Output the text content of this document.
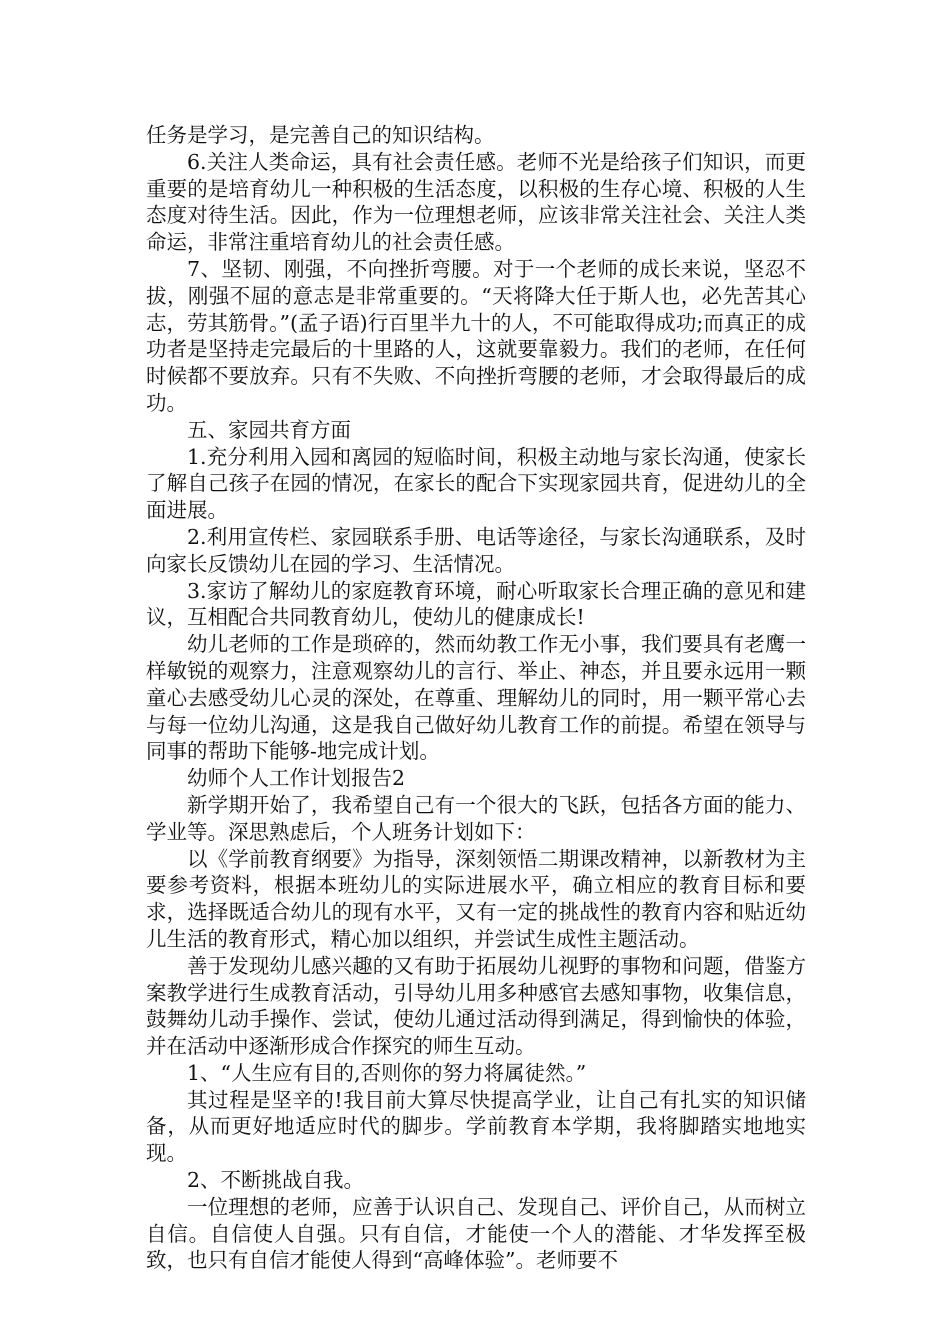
任务是学习，是完善自己的知识结构。

6.关注人类命运，具有社会责任感。老师不光是给孩子们知识，而更重要的是培育幼儿一种积极的生活态度，以积极的生存心境、积极的人生态度对待生活。因此，作为一位理想老师，应该非常关注社会、关注人类命运，非常注重培育幼儿的社会责任感。

7、坚韧、刚强，不向挫折弯腰。对于一个老师的成长来说，坚忍不拔，刚强不屈的意志是非常重要的。“天将降大任于斯人也，必先苦其心志，劳其筋骨。”(孟子语)行百里半九十的人，不可能取得成功;而真正的成功者是坚持走完最后的十里路的人，这就要靠毅力。我们的老师，在任何时候都不要放弃。只有不失败、不向挫折弯腰的老师，才会取得最后的成功。

五、家园共育方面

1.充分利用入园和离园的短临时间，积极主动地与家长沟通，使家长了解自己孩子在园的情况，在家长的配合下实现家园共育，促进幼儿的全面进展。

2.利用宣传栏、家园联系手册、电话等途径，与家长沟通联系，及时向家长反馈幼儿在园的学习、生活情况。

3.家访了解幼儿的家庭教育环境，耐心听取家长合理正确的意见和建议，互相配合共同教育幼儿，使幼儿的健康成长!

幼儿老师的工作是琐碎的，然而幼教工作无小事，我们要具有老鹰一样敏锐的观察力，注意观察幼儿的言行、举止、神态，并且要永远用一颗童心去感受幼儿心灵的深处，在尊重、理解幼儿的同时，用一颗平常心去与每一位幼儿沟通，这是我自己做好幼儿教育工作的前提。希望在领导与同事的帮助下能够-地完成计划。

幼师个人工作计划报告2

新学期开始了，我希望自己有一个很大的飞跃，包括各方面的能力、学业等。深思熟虑后，个人班务计划如下：

以《学前教育纲要》为指导，深刻领悟二期课改精神，以新教材为主要参考资料，根据本班幼儿的实际进展水平，确立相应的教育目标和要求，选择既适合幼儿的现有水平，又有一定的挑战性的教育内容和贴近幼儿生活的教育形式，精心加以组织，并尝试生成性主题活动。

善于发现幼儿感兴趣的又有助于拓展幼儿视野的事物和问题，借鉴方案教学进行生成教育活动，引导幼儿用多种感官去感知事物，收集信息，鼓舞幼儿动手操作、尝试，使幼儿通过活动得到满足，得到愉快的体验，并在活动中逐渐形成合作探究的师生互动。

1、“人生应有目的,否则你的努力将属徒然。”

其过程是坚辛的!我目前大算尽快提高学业，让自己有扎实的知识储备，从而更好地适应时代的脚步。学前教育本学期，我将脚踏实地地实现。

2、不断挑战自我。

一位理想的老师，应善于认识自己、发现自己、评价自己，从而树立自信。自信使人自强。只有自信，才能使一个人的潜能、才华发挥至极致，也只有自信才能使人得到“高峰体验”。老师要不
